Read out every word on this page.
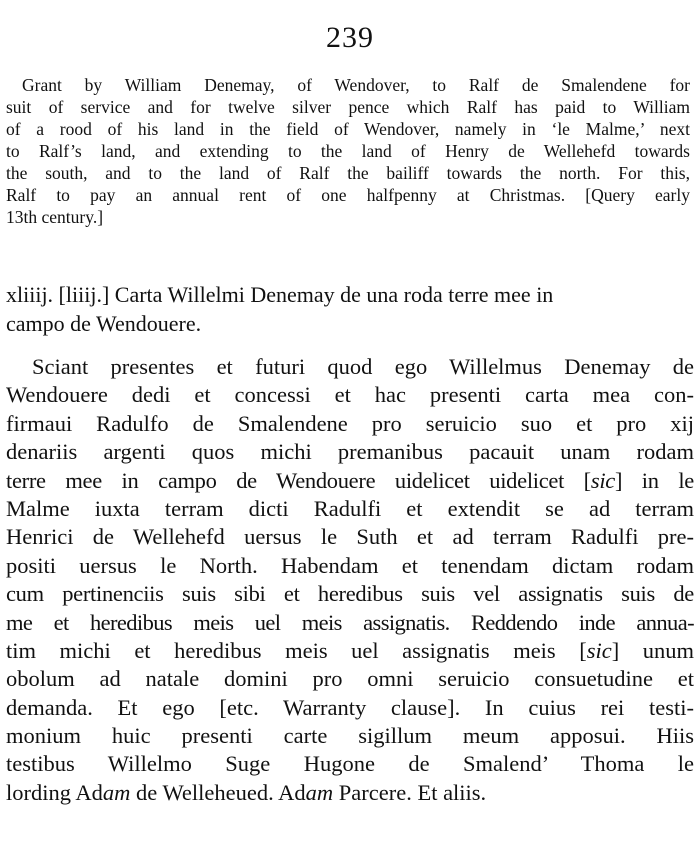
239
Grant by William Denemay, of Wendover, to Ralf de Smalendene for
suit of service and for twelve silver pence which Ralf has paid to William
of a rood of his land in the field of Wendover, namely in ‘le Malme,’ next
to Ralf’s land, and extending to the land of Henry de Wellehefd towards
the south, and to the land of Ralf the bailiff towards the north. For this,
Ralf to pay an annual rent of one halfpenny at Christmas. [Query early
13th century.]
xliiij. [liiij.] Carta Willelmi Denemay de una roda terre mee in
campo de Wendouere.
Sciant presentes et futuri quod ego Willelmus Denemay de
Wendouere dedi et concessi et hac presenti carta mea con-
firmaui Radulfo de Smalendene pro seruicio suo et pro xij
denariis argenti quos michi premanibus pacauit unam rodam
terre mee in campo de Wendouere uidelicet uidelicet [sic] in le
Malme iuxta terram dicti Radulfi et extendit se ad terram
Henrici de Wellehefd uersus le Suth et ad terram Radulfi pre-
positi uersus le North. Habendam et tenendam dictam rodam
cum pertinenciis suis sibi et heredibus suis vel assignatis suis de
me et heredibus meis uel meis assignatis. Reddendo inde annua-
tim michi et heredibus meis uel assignatis meis [sic] unum
obolum ad natale domini pro omni seruicio consuetudine et
demanda. Et ego [etc. Warranty clause]. In cuius rei testi-
monium huic presenti carte sigillum meum apposui. Hiis
testibus Willelmo Suge Hugone de Smalend’ Thoma le
lording Adam de Welleheued. Adam Parcere. Et aliis.
